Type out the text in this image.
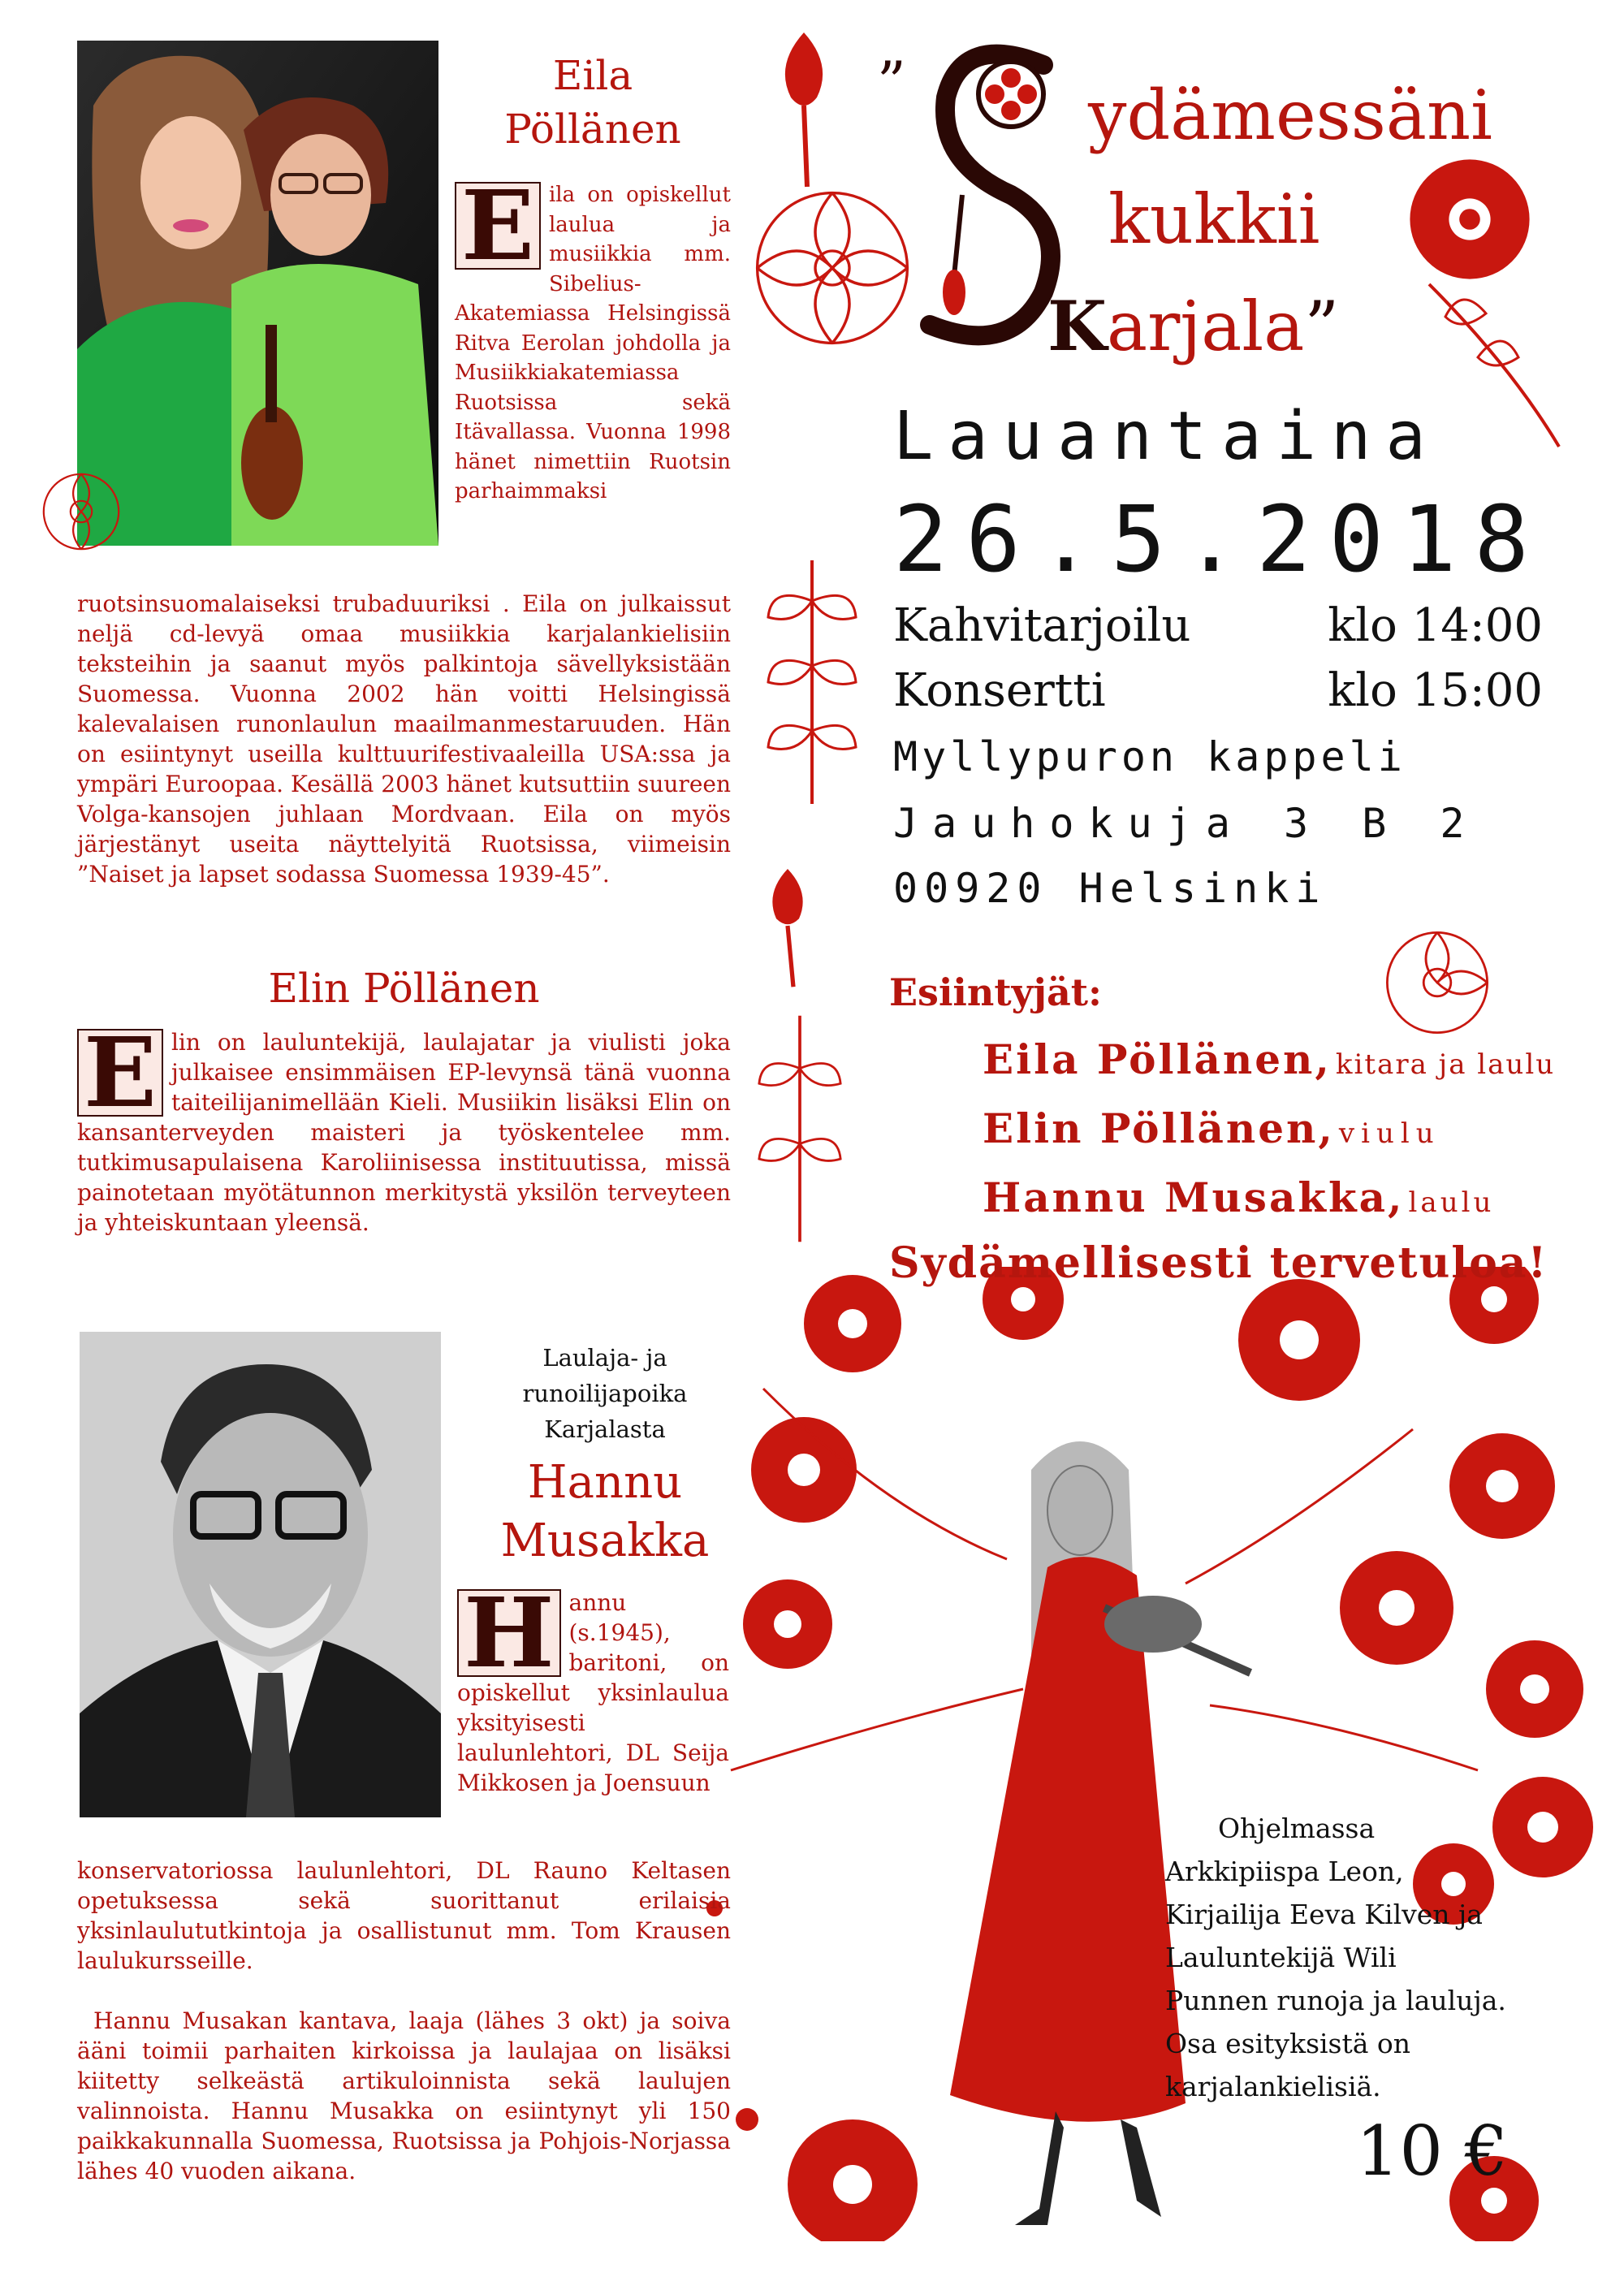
”	ydämessäni
kukkii
Karjala”
Lauantaina
26.5.2018
Kahvitarjoilu	klo 14:00
Konsertti	klo 15:00
Myllypuron kappeli
Jauhokuja 3 B 2
00920 Helsinki
Esiintyjät:
Eila Pöllänen, kitara ja laulu
Elin Pöllänen, viulu
Hannu Musakka, laulu
Sydämellisesti tervetuloa!
Eila
Pöllänen
E ila on opiskellut laulua ja musiikkia mm. Sibelius-Akatemiassa Helsingissä Ritva Eerolan johdolla ja Musiikkiakatemiassa Ruotsissa sekä Itävallassa. Vuonna 1998 hänet nimettiin Ruotsin parhaimmaksi
ruotsinsuomalaiseksi trubaduuriksi . Eila on julkaissut neljä cd-levyä omaa musiikkia karjalankielisiin teksteihin ja saanut myös palkintoja sävellyksistään Suomessa. Vuonna 2002 hän voitti Helsingissä kalevalaisen runonlaulun maailmanmestaruuden. Hän on esiintynyt useilla kulttuurifestivaaleilla USA:ssa ja ympäri Euroopaa. Kesällä 2003 hänet kutsuttiin suureen Volga-kansojen juhlaan Mordvaan. Eila on myös järjestänyt useita näyttelyitä Ruotsissa, viimeisin ”Naiset ja lapset sodassa Suomessa 1939-45”.
Elin Pöllänen
E lin on lauluntekijä, laulajatar ja viulisti joka julkaisee ensimmäisen EP-levynsä tänä vuonna taiteilijanimellään Kieli. Musiikin lisäksi Elin on kansanterveyden maisteri ja työskentelee mm. tutkimusapulaisena Karoliinisessa instituutissa, missä painotetaan myötätunnon merkitystä yksilön terveyteen ja yhteiskuntaan yleensä.
Laulaja- ja runoilijapoika Karjalasta
Hannu
Musakka
H annu (s.1945), baritoni, on opiskellut yksinlaulua yksityisesti laulunlehtori, DL Seija Mikkosen ja Joensuun
konservatoriossa laulunlehtori, DL Rauno Keltasen opetuksessa sekä suorittanut erilaisia yksinlaulututkintoja ja osallistunut mm. Tom Krausen laulukursseille.
Hannu Musakan kantava, laaja (lähes 3 okt) ja soiva ääni toimii parhaiten kirkoissa ja laulajaa on lisäksi kiitetty selkeästä artikuloinnista sekä laulujen valinnoista. Hannu Musakka on esiintynyt yli 150 paikkakunnalla Suomessa, Ruotsissa ja Pohjois-Norjassa lähes 40 vuoden aikana.
Ohjelmassa
Arkkipiispa Leon,
Kirjailija Eeva Kilven ja
Lauluntekijä Wili
Punnen runoja ja lauluja.
Osa esityksistä on
karjalankielisiä.
10 €
